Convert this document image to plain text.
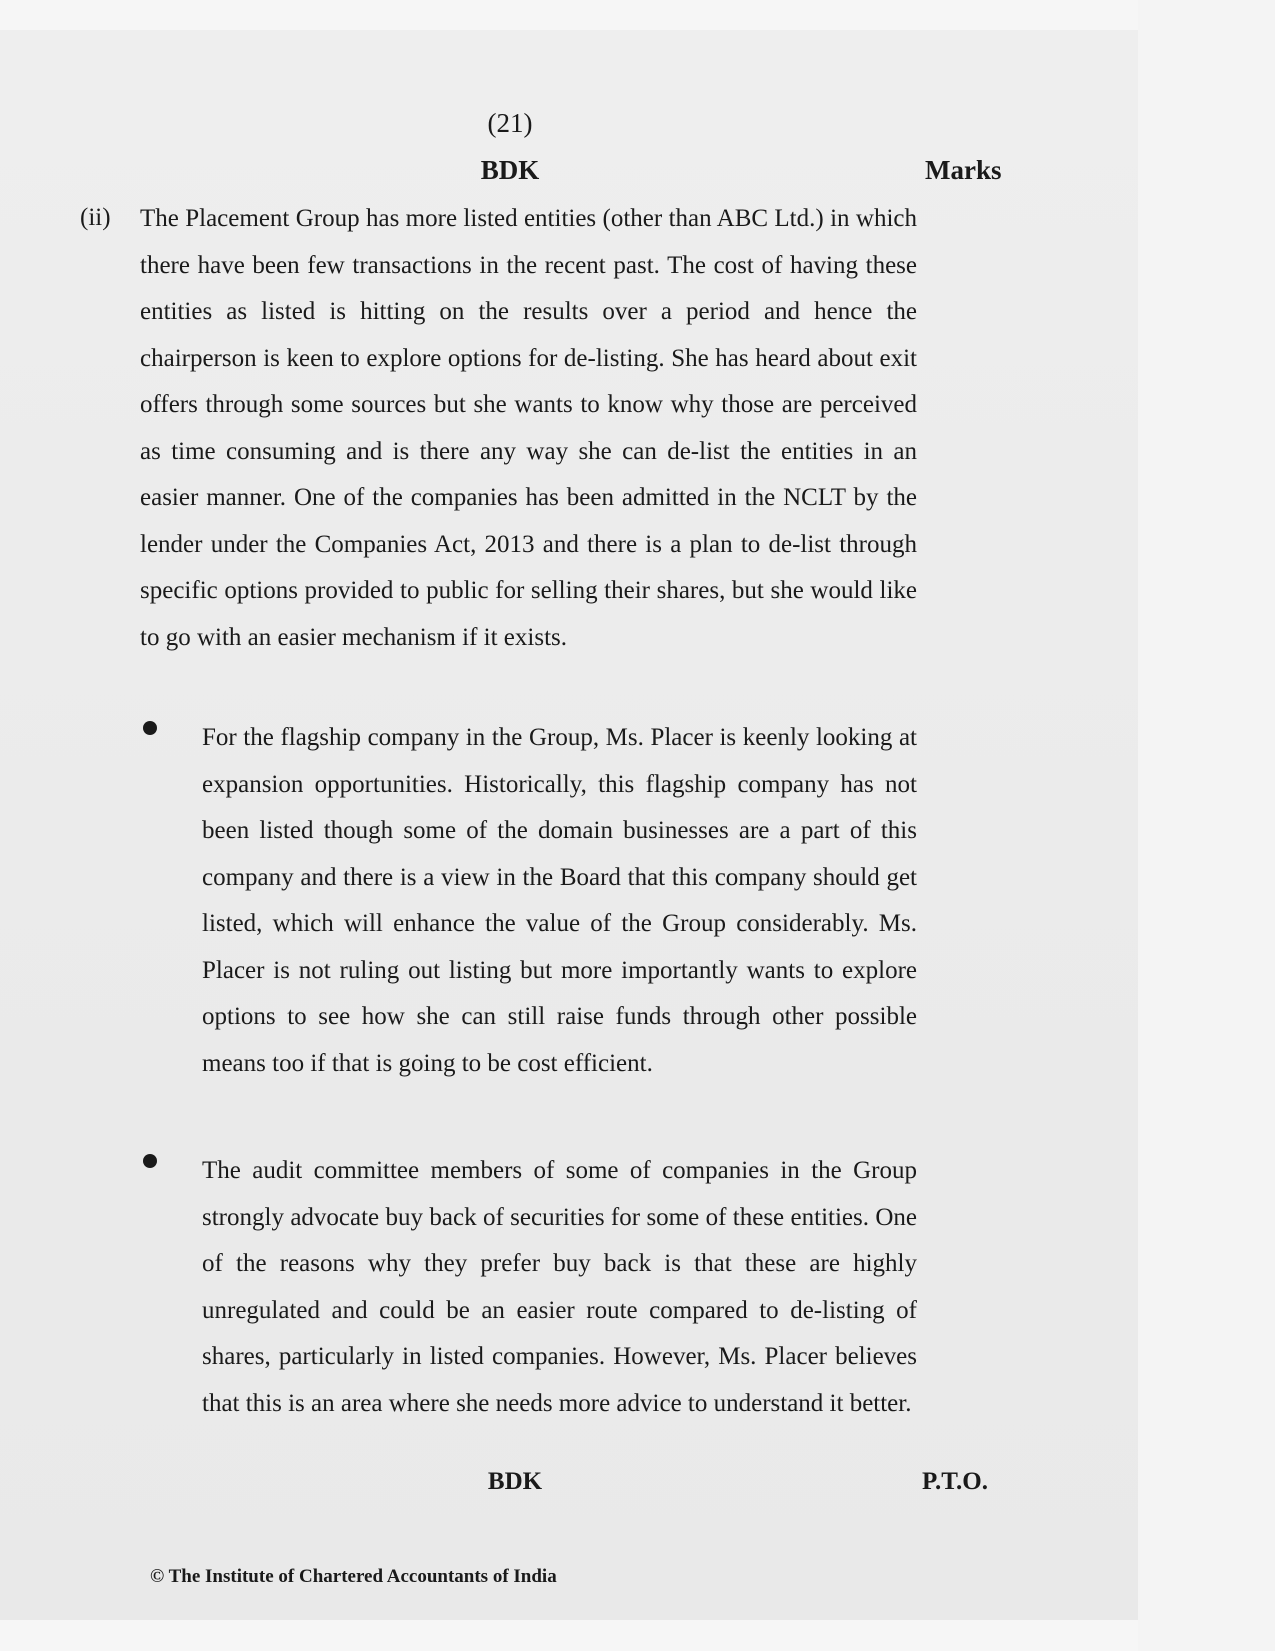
(21)
BDK	Marks
(ii) The Placement Group has more listed entities (other than ABC Ltd.) in which there have been few transactions in the recent past. The cost of having these entities as listed is hitting on the results over a period and hence the chairperson is keen to explore options for de-listing. She has heard about exit offers through some sources but she wants to know why those are perceived as time consuming and is there any way she can de-list the entities in an easier manner. One of the companies has been admitted in the NCLT by the lender under the Companies Act, 2013 and there is a plan to de-list through specific options provided to public for selling their shares, but she would like to go with an easier mechanism if it exists.
For the flagship company in the Group, Ms. Placer is keenly looking at expansion opportunities. Historically, this flagship company has not been listed though some of the domain businesses are a part of this company and there is a view in the Board that this company should get listed, which will enhance the value of the Group considerably. Ms. Placer is not ruling out listing but more importantly wants to explore options to see how she can still raise funds through other possible means too if that is going to be cost efficient.
The audit committee members of some of companies in the Group strongly advocate buy back of securities for some of these entities. One of the reasons why they prefer buy back is that these are highly unregulated and could be an easier route compared to de-listing of shares, particularly in listed companies. However, Ms. Placer believes that this is an area where she needs more advice to understand it better.
BDK	P.T.O.
© The Institute of Chartered Accountants of India
